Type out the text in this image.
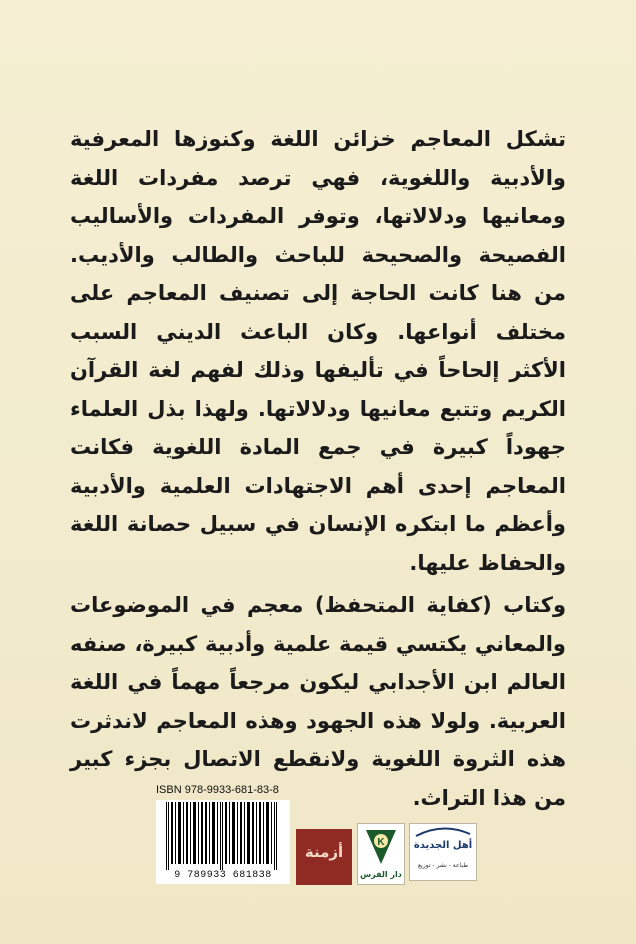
تشكل المعاجم خزائن اللغة وكنوزها المعرفية والأدبية واللغوية، فهي ترصد مفردات اللغة ومعانيها ودلالاتها، وتوفر المفردات والأساليب الفصيحة والصحيحة للباحث والطالب والأديب. من هنا كانت الحاجة إلى تصنيف المعاجم على مختلف أنواعها. وكان الباعث الديني السبب الأكثر إلحاحاً في تأليفها وذلك لفهم لغة القرآن الكريم وتتبع معانيها ودلالاتها. ولهذا بذل العلماء جهوداً كبيرة في جمع المادة اللغوية فكانت المعاجم إحدى أهم الاجتهادات العلمية والأدبية وأعظم ما ابتكره الإنسان في سبيل حصانة اللغة والحفاظ عليها.

وكتاب (كفاية المتحفظ) معجم في الموضوعات والمعاني يكتسي قيمة علمية وأدبية كبيرة، صنفه العالم ابن الأجدابي ليكون مرجعاً مهماً في اللغة العربية. ولولا هذه الجهود وهذه المعاجم لاندثرت هذه الثروة اللغوية ولانقطع الاتصال بجزء كبير من هذا التراث.

ISBN 978-9933-681-83-8
9 789933 681838
أزمنة
K
دار الفرس
أهل الجديدة
طباعة - نشر - توزيع
